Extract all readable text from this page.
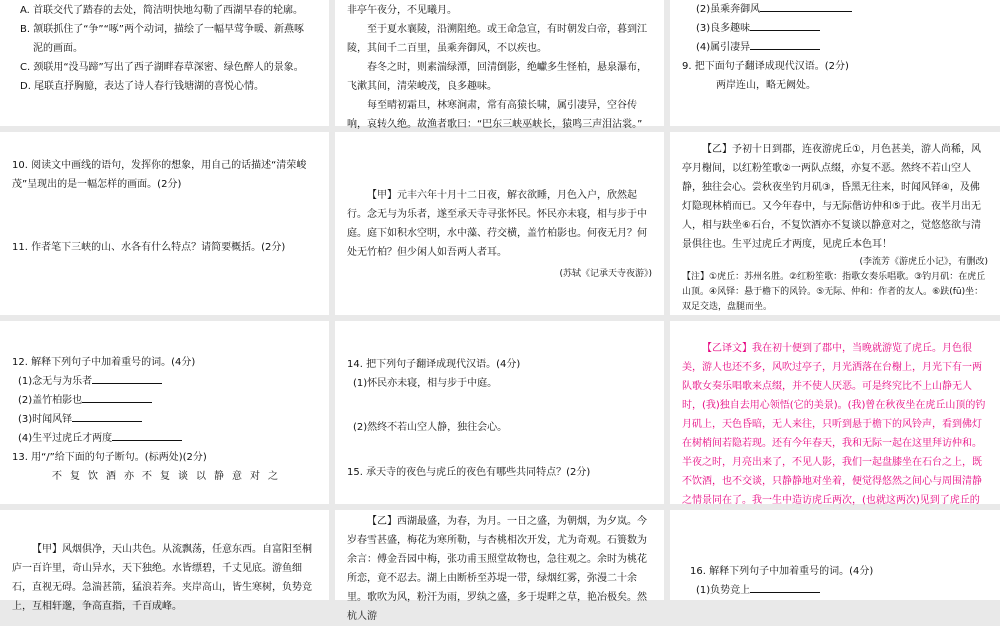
A. 首联交代了踏春的去处，简洁明快地勾勒了西湖早春的轮廓。

B. 颔联抓住了“争”“啄”两个动词，描绘了一幅早莺争暖、新燕啄

泥的画面。

C. 颈联用“没马蹄”写出了西子湖畔春草深密、绿色醉人的景象。

D. 尾联直抒胸臆，表达了诗人春行钱塘湖的喜悦心情。

非亭午夜分，不见曦月。

至于夏水襄陵，沿溯阻绝。或王命急宣，有时朝发白帝，暮到江陵，其间千二百里，虽乘奔御风，不以疾也。

春冬之时，则素湍绿潭，回清倒影，绝巘多生怪柏，悬泉瀑布，飞漱其间，清荣峻茂，良多趣味。

每至晴初霜旦，林寒涧肃，常有高猿长啸，属引凄异，空谷传响，哀转久绝。故渔者歌曰：“巴东三峡巫峡长，猿鸣三声泪沾裳。”

(2)虽乘奔御风

(3)良多趣味

(4)属引凄异

9. 把下面句子翻译成现代汉语。(2分)

两岸连山，略无阙处。

10. 阅读文中画线的语句，发挥你的想象，用自己的话描述“清荣峻茂”呈现出的是一幅怎样的画面。(2分)

11. 作者笔下三峡的山、水各有什么特点？请简要概括。(2分)

【甲】元丰六年十月十二日夜，解衣欲睡，月色入户，欣然起行。念无与为乐者，遂至承天寺寻张怀民。怀民亦未寝，相与步于中庭。庭下如积水空明，水中藻、荇交横，盖竹柏影也。何夜无月？何处无竹柏？但少闲人如吾两人者耳。

(苏轼《记承天寺夜游》)

【乙】予初十日到郡，连夜游虎丘①，月色甚美，游人尚稀，风亭月榭间，以红粉笙歌②一两队点缀，亦复不恶。然终不若山空人静，独往会心。尝秋夜坐钓月矶③，昏黑无往来，时闻风铎④，及佛灯隐现林梢而已。又今年春中，与无际偕访仲和⑤于此。夜半月出无人，相与趺坐⑥石台，不复饮酒亦不复谈以静意对之，觉悠悠欲与清景俱往也。生平过虎丘才两度，见虎丘本色耳！

(李流芳《游虎丘小记》，有删改)

【注】①虎丘：苏州名胜。②红粉笙歌：指歌女奏乐唱歌。③钓月矶：在虎丘山顶。④风铎：悬于檐下的风铃。⑤无际、仲和：作者的友人。⑥趺(fū)坐：双足交迭，盘腿而坐。

12. 解释下列句子中加着重号的词。(4分)

(1)念无与为乐者

(2)盖竹柏影也

(3)时闻风铎

(4)生平过虎丘才两度

13. 用“/”给下面的句子断句。(标两处)(2分)

不复饮酒亦不复谈以静意对之

14. 把下列句子翻译成现代汉语。(4分)

(1)怀民亦未寝，相与步于中庭。

(2)然终不若山空人静，独往会心。

15. 承天寺的夜色与虎丘的夜色有哪些共同特点？(2分)

【乙译文】我在初十便到了郡中，当晚就游览了虎丘。月色很美，游人也还不多，风吹过亭子，月光洒落在台榭上，月光下有一两队歌女奏乐唱歌来点缀，并不使人厌恶。可是终究比不上山静无人时，(我)独自去用心领悟(它的美景)。(我)曾在秋夜坐在虎丘山顶的钓月矶上，天色昏暗，无人来往，只听到悬于檐下的风铃声，看到佛灯在树梢间若隐若现。还有今年春天，我和无际一起在这里拜访仲和。半夜之时，月亮出来了，不见人影，我们一起盘膝坐在石台之上，既不饮酒，也不交谈，只静静地对坐着，便觉得悠然之间心与周围清静之情景同在了。我一生中造访虎丘两次，(也就这两次)见到了虎丘的

【甲】风烟俱净，天山共色。从流飘荡，任意东西。自富阳至桐庐一百许里，奇山异水，天下独绝。水皆缥碧，千丈见底。游鱼细石，直视无碍。急湍甚箭，猛浪若奔。夹岸高山，皆生寒树，负势竞上，互相轩邈，争高直指，千百成峰。

【乙】西湖最盛，为春，为月。一日之盛，为朝烟，为夕岚。今岁春雪甚盛，梅花为寒所勒，与杏桃相次开发，尤为奇观。石篑数为余言：傅金吾园中梅，张功甫玉照堂故物也，急往观之。余时为桃花所恋，竟不忍去。湖上由断桥至苏堤一带，绿烟红雾，弥漫二十余里。歌吹为风，粉汗为雨，罗纨之盛，多于堤畔之草，艳冶极矣。然杭人游

16. 解释下列句子中加着重号的词。(4分)

(1)负势竞上
